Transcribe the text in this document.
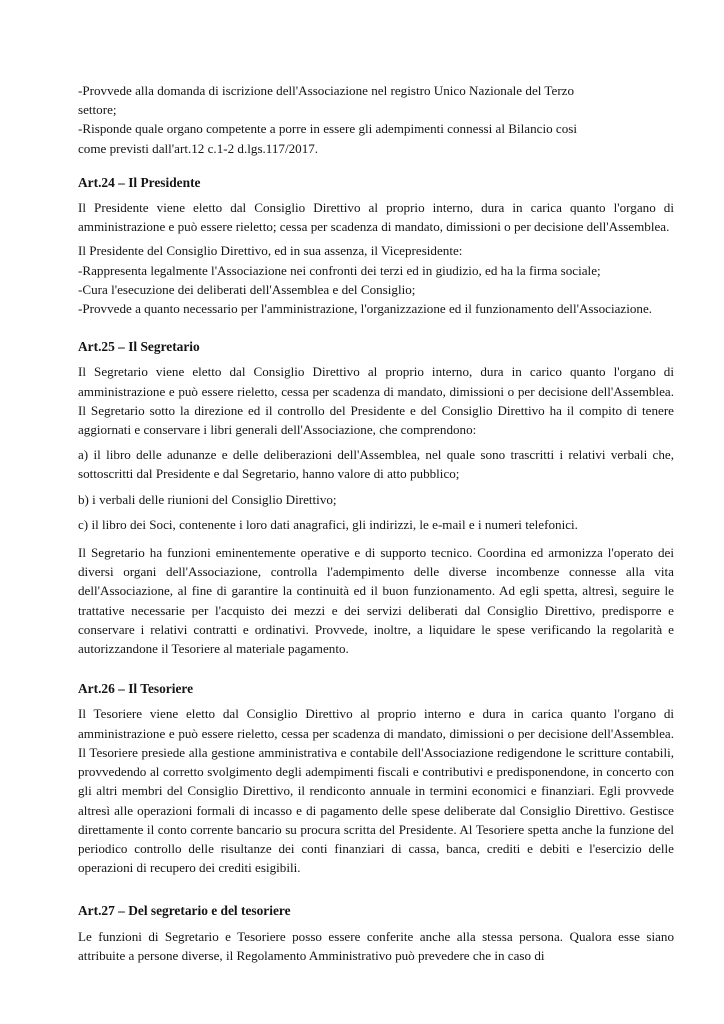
-Provvede alla domanda di iscrizione dell'Associazione nel registro Unico Nazionale del Terzo
settore;
-Risponde quale organo competente a porre in essere gli adempimenti connessi al Bilancio cosi
come previsti dall'art.12 c.1-2 d.lgs.117/2017.
Art.24 – Il Presidente
Il Presidente viene eletto dal Consiglio Direttivo al proprio interno, dura in carica quanto l'organo di amministrazione e può essere rieletto; cessa per scadenza di mandato, dimissioni o per decisione dell'Assemblea.
Il Presidente del Consiglio Direttivo, ed in sua assenza, il Vicepresidente:
-Rappresenta legalmente l'Associazione nei confronti dei terzi ed in giudizio, ed ha la firma sociale;
-Cura l'esecuzione dei deliberati dell'Assemblea e del Consiglio;
-Provvede a quanto necessario per l'amministrazione, l'organizzazione ed il funzionamento dell'Associazione.
Art.25 – Il Segretario
Il Segretario viene eletto dal Consiglio Direttivo al proprio interno, dura in carico quanto l'organo di amministrazione e può essere rieletto, cessa per scadenza di mandato, dimissioni o per decisione dell'Assemblea. Il Segretario sotto la direzione ed il controllo del Presidente e del Consiglio Direttivo ha il compito di tenere aggiornati e conservare i libri generali dell'Associazione, che comprendono:
a) il libro delle adunanze e delle deliberazioni dell'Assemblea, nel quale sono trascritti i relativi verbali che, sottoscritti dal Presidente e dal Segretario, hanno valore di atto pubblico;
b) i verbali delle riunioni del Consiglio Direttivo;
c) il libro dei Soci, contenente i loro dati anagrafici, gli indirizzi, le e-mail e i numeri telefonici.
Il Segretario ha funzioni eminentemente operative e di supporto tecnico. Coordina ed armonizza l'operato dei diversi organi dell'Associazione, controlla l'adempimento delle diverse incombenze connesse alla vita dell'Associazione, al fine di garantire la continuità ed il buon funzionamento. Ad egli spetta, altresì, seguire le trattative necessarie per l'acquisto dei mezzi e dei servizi deliberati dal Consiglio Direttivo, predisporre e conservare i relativi contratti e ordinativi. Provvede, inoltre, a liquidare le spese verificando la regolarità e autorizzandone il Tesoriere al materiale pagamento.
Art.26 – Il Tesoriere
Il Tesoriere viene eletto dal Consiglio Direttivo al proprio interno e dura in carica quanto l'organo di amministrazione e può essere rieletto, cessa per scadenza di mandato, dimissioni o per decisione dell'Assemblea. Il Tesoriere presiede alla gestione amministrativa e contabile dell'Associazione redigendone le scritture contabili, provvedendo al corretto svolgimento degli adempimenti fiscali e contributivi e predisponendone, in concerto con gli altri membri del Consiglio Direttivo, il rendiconto annuale in termini economici e finanziari. Egli provvede altresì alle operazioni formali di incasso e di pagamento delle spese deliberate dal Consiglio Direttivo. Gestisce direttamente il conto corrente bancario su procura scritta del Presidente. Al Tesoriere spetta anche la funzione del periodico controllo delle risultanze dei conti finanziari di cassa, banca, crediti e debiti e l'esercizio delle operazioni di recupero dei crediti esigibili.
Art.27 – Del segretario e del tesoriere
Le funzioni di Segretario e Tesoriere posso essere conferite anche alla stessa persona. Qualora esse siano attribuite a persone diverse, il Regolamento Amministrativo può prevedere che in caso di
